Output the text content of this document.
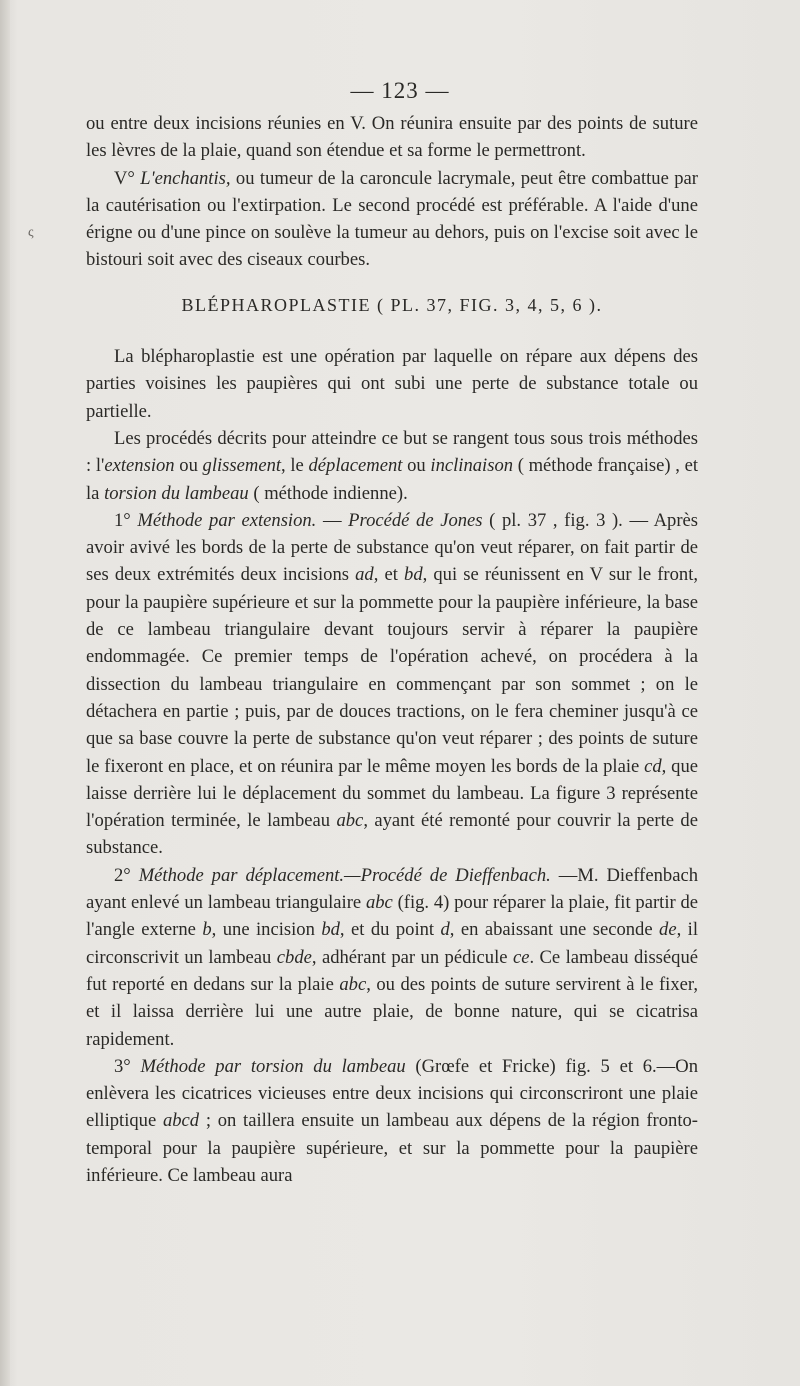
— 123 —
ς

ou entre deux incisions réunies en V. On réunira ensuite par des points de suture les lèvres de la plaie, quand son étendue et sa forme le permettront.

V° L'enchantis, ou tumeur de la caroncule lacrymale, peut être combattue par la cautérisation ou l'extirpation. Le second procédé est préférable. A l'aide d'une érigne ou d'une pince on soulève la tumeur au dehors, puis on l'excise soit avec le bistouri soit avec des ciseaux courbes.

BLÉPHAROPLASTIE ( PL. 37, FIG. 3, 4, 5, 6 ).

La blépharoplastie est une opération par laquelle on répare aux dépens des parties voisines les paupières qui ont subi une perte de substance totale ou partielle.

Les procédés décrits pour atteindre ce but se rangent tous sous trois méthodes : l'extension ou glissement, le déplacement ou inclinaison ( méthode française) , et la torsion du lambeau ( méthode indienne).

1° Méthode par extension. — Procédé de Jones ( pl. 37 , fig. 3 ). — Après avoir avivé les bords de la perte de substance qu'on veut réparer, on fait partir de ses deux extrémités deux incisions ad, et bd, qui se réunissent en V sur le front, pour la paupière supérieure et sur la pommette pour la paupière inférieure, la base de ce lambeau triangulaire devant toujours servir à réparer la paupière endommagée. Ce premier temps de l'opération achevé, on procédera à la dissection du lambeau triangulaire en commençant par son sommet ; on le détachera en partie ; puis, par de douces tractions, on le fera cheminer jusqu'à ce que sa base couvre la perte de substance qu'on veut réparer ; des points de suture le fixeront en place, et on réunira par le même moyen les bords de la plaie cd, que laisse derrière lui le déplacement du sommet du lambeau. La figure 3 représente l'opération terminée, le lambeau abc, ayant été remonté pour couvrir la perte de substance.

2° Méthode par déplacement.—Procédé de Dieffenbach. —M. Dieffenbach ayant enlevé un lambeau triangulaire abc (fig. 4) pour réparer la plaie, fit partir de l'angle externe b, une incision bd, et du point d, en abaissant une seconde de, il circonscrivit un lambeau cbde, adhérant par un pédicule ce. Ce lambeau disséqué fut reporté en dedans sur la plaie abc, ou des points de suture servirent à le fixer, et il laissa derrière lui une autre plaie, de bonne nature, qui se cicatrisa rapidement.

3° Méthode par torsion du lambeau (Grœfe et Fricke) fig. 5 et 6.—On enlèvera les cicatrices vicieuses entre deux incisions qui circonscriront une plaie elliptique abcd ; on taillera ensuite un lambeau aux dépens de la région fronto-temporal pour la paupière supérieure, et sur la pommette pour la paupière inférieure. Ce lambeau aura
